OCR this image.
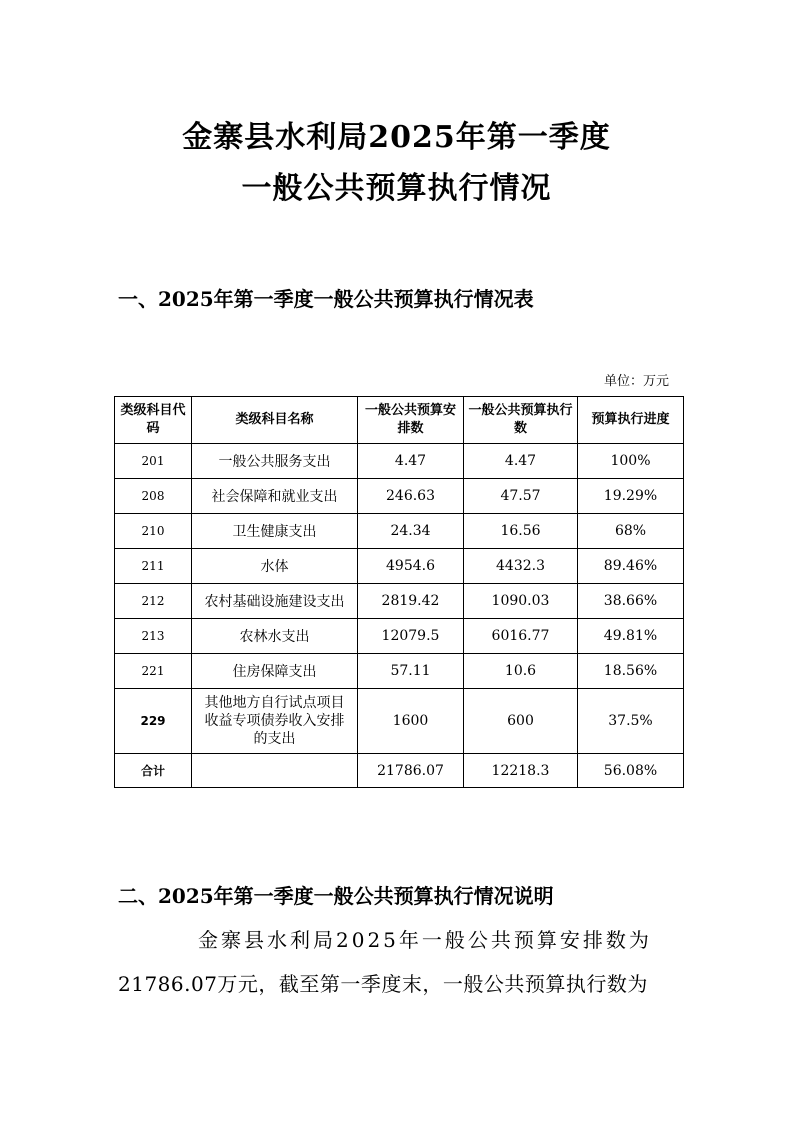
金寨县水利局2025年第一季度
一般公共预算执行情况
一、2025年第一季度一般公共预算执行情况表
单位：万元
类级科目代码	类级科目名称	一般公共预算安排数	一般公共预算执行数	预算执行进度
201	一般公共服务支出	4.47	4.47	100%
208	社会保障和就业支出	246.63	47.57	19.29%
210	卫生健康支出	24.34	16.56	68%
211	水体	4954.6	4432.3	89.46%
212	农村基础设施建设支出	2819.42	1090.03	38.66%
213	农林水支出	12079.5	6016.77	49.81%
221	住房保障支出	57.11	10.6	18.56%
229	其他地方自行试点项目收益专项债券收入安排的支出	1600	600	37.5%
合计		21786.07	12218.3	56.08%
二、2025年第一季度一般公共预算执行情况说明
金寨县水利局2025年一般公共预算安排数为
21786.07万元，截至第一季度末，一般公共预算执行数为
